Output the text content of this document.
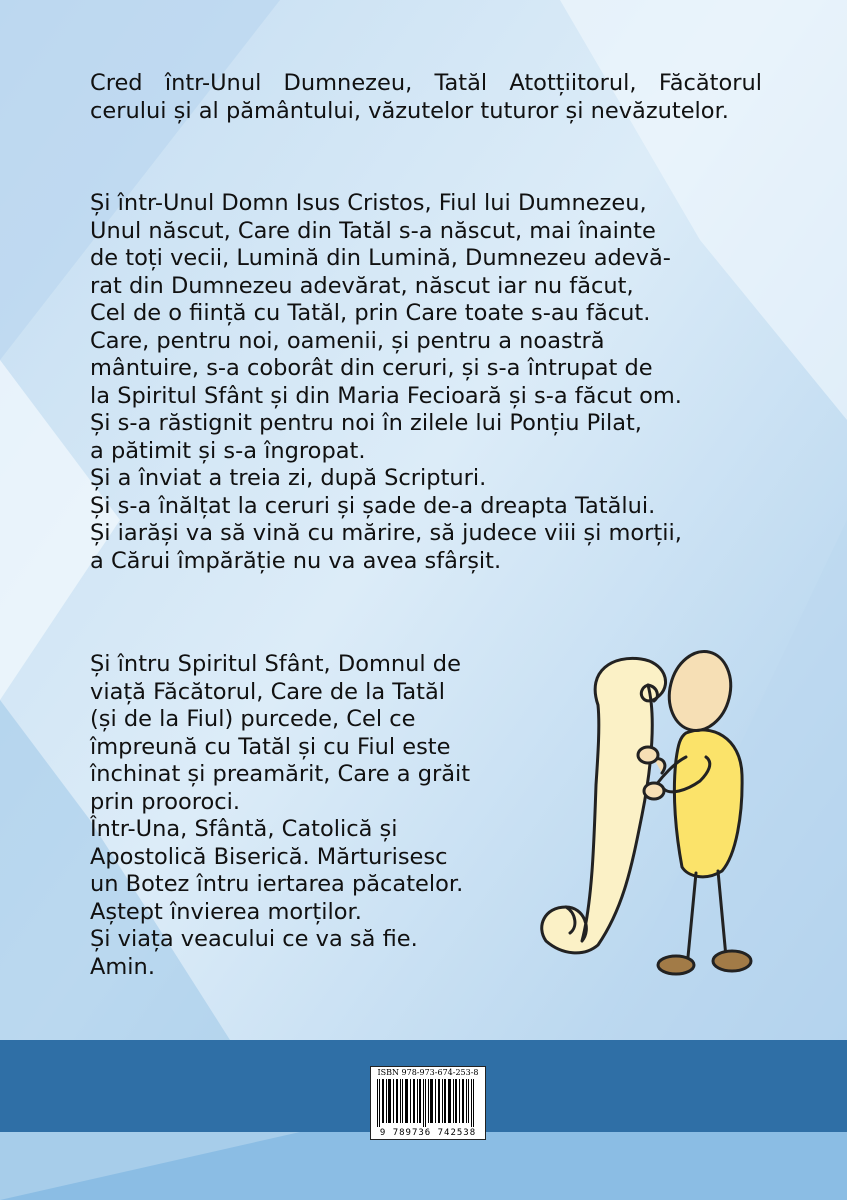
Cred într-Unul Dumnezeu, Tatăl Atotțiitorul, Făcătorul cerului și al pământului, văzutelor tuturor și nevăzutelor.

Și într-Unul Domn Isus Cristos, Fiul lui Dumnezeu,

Unul născut, Care din Tatăl s-a născut, mai înainte

de toți vecii, Lumină din Lumină, Dumnezeu adevă-

rat din Dumnezeu adevărat, născut iar nu făcut,

Cel de o ființă cu Tatăl, prin Care toate s-au făcut.

Care, pentru noi, oamenii, și pentru a noastră

mântuire, s-a coborât din ceruri, și s-a întrupat de

la Spiritul Sfânt și din Maria Fecioară și s-a făcut om.

Și s-a răstignit pentru noi în zilele lui Ponțiu Pilat,

a pătimit și s-a îngropat.

Și a înviat a treia zi, după Scripturi.

Și s-a înălțat la ceruri și șade de-a dreapta Tatălui.

Și iarăși va să vină cu mărire, să judece viii și morții,

a Cărui împărăție nu va avea sfârșit.

Și întru Spiritul Sfânt, Domnul de

viață Făcătorul, Care de la Tatăl

(și de la Fiul) purcede, Cel ce

împreună cu Tatăl și cu Fiul este

închinat și preamărit, Care a grăit

prin prooroci.

Într-Una, Sfântă, Catolică și

Apostolică Biserică. Mărturisesc

un Botez întru iertarea păcatelor.

Aștept învierea morților.

Și viața veacului ce va să fie.

Amin.

ISBN 978-973-674-253-8
9 789736 742538
